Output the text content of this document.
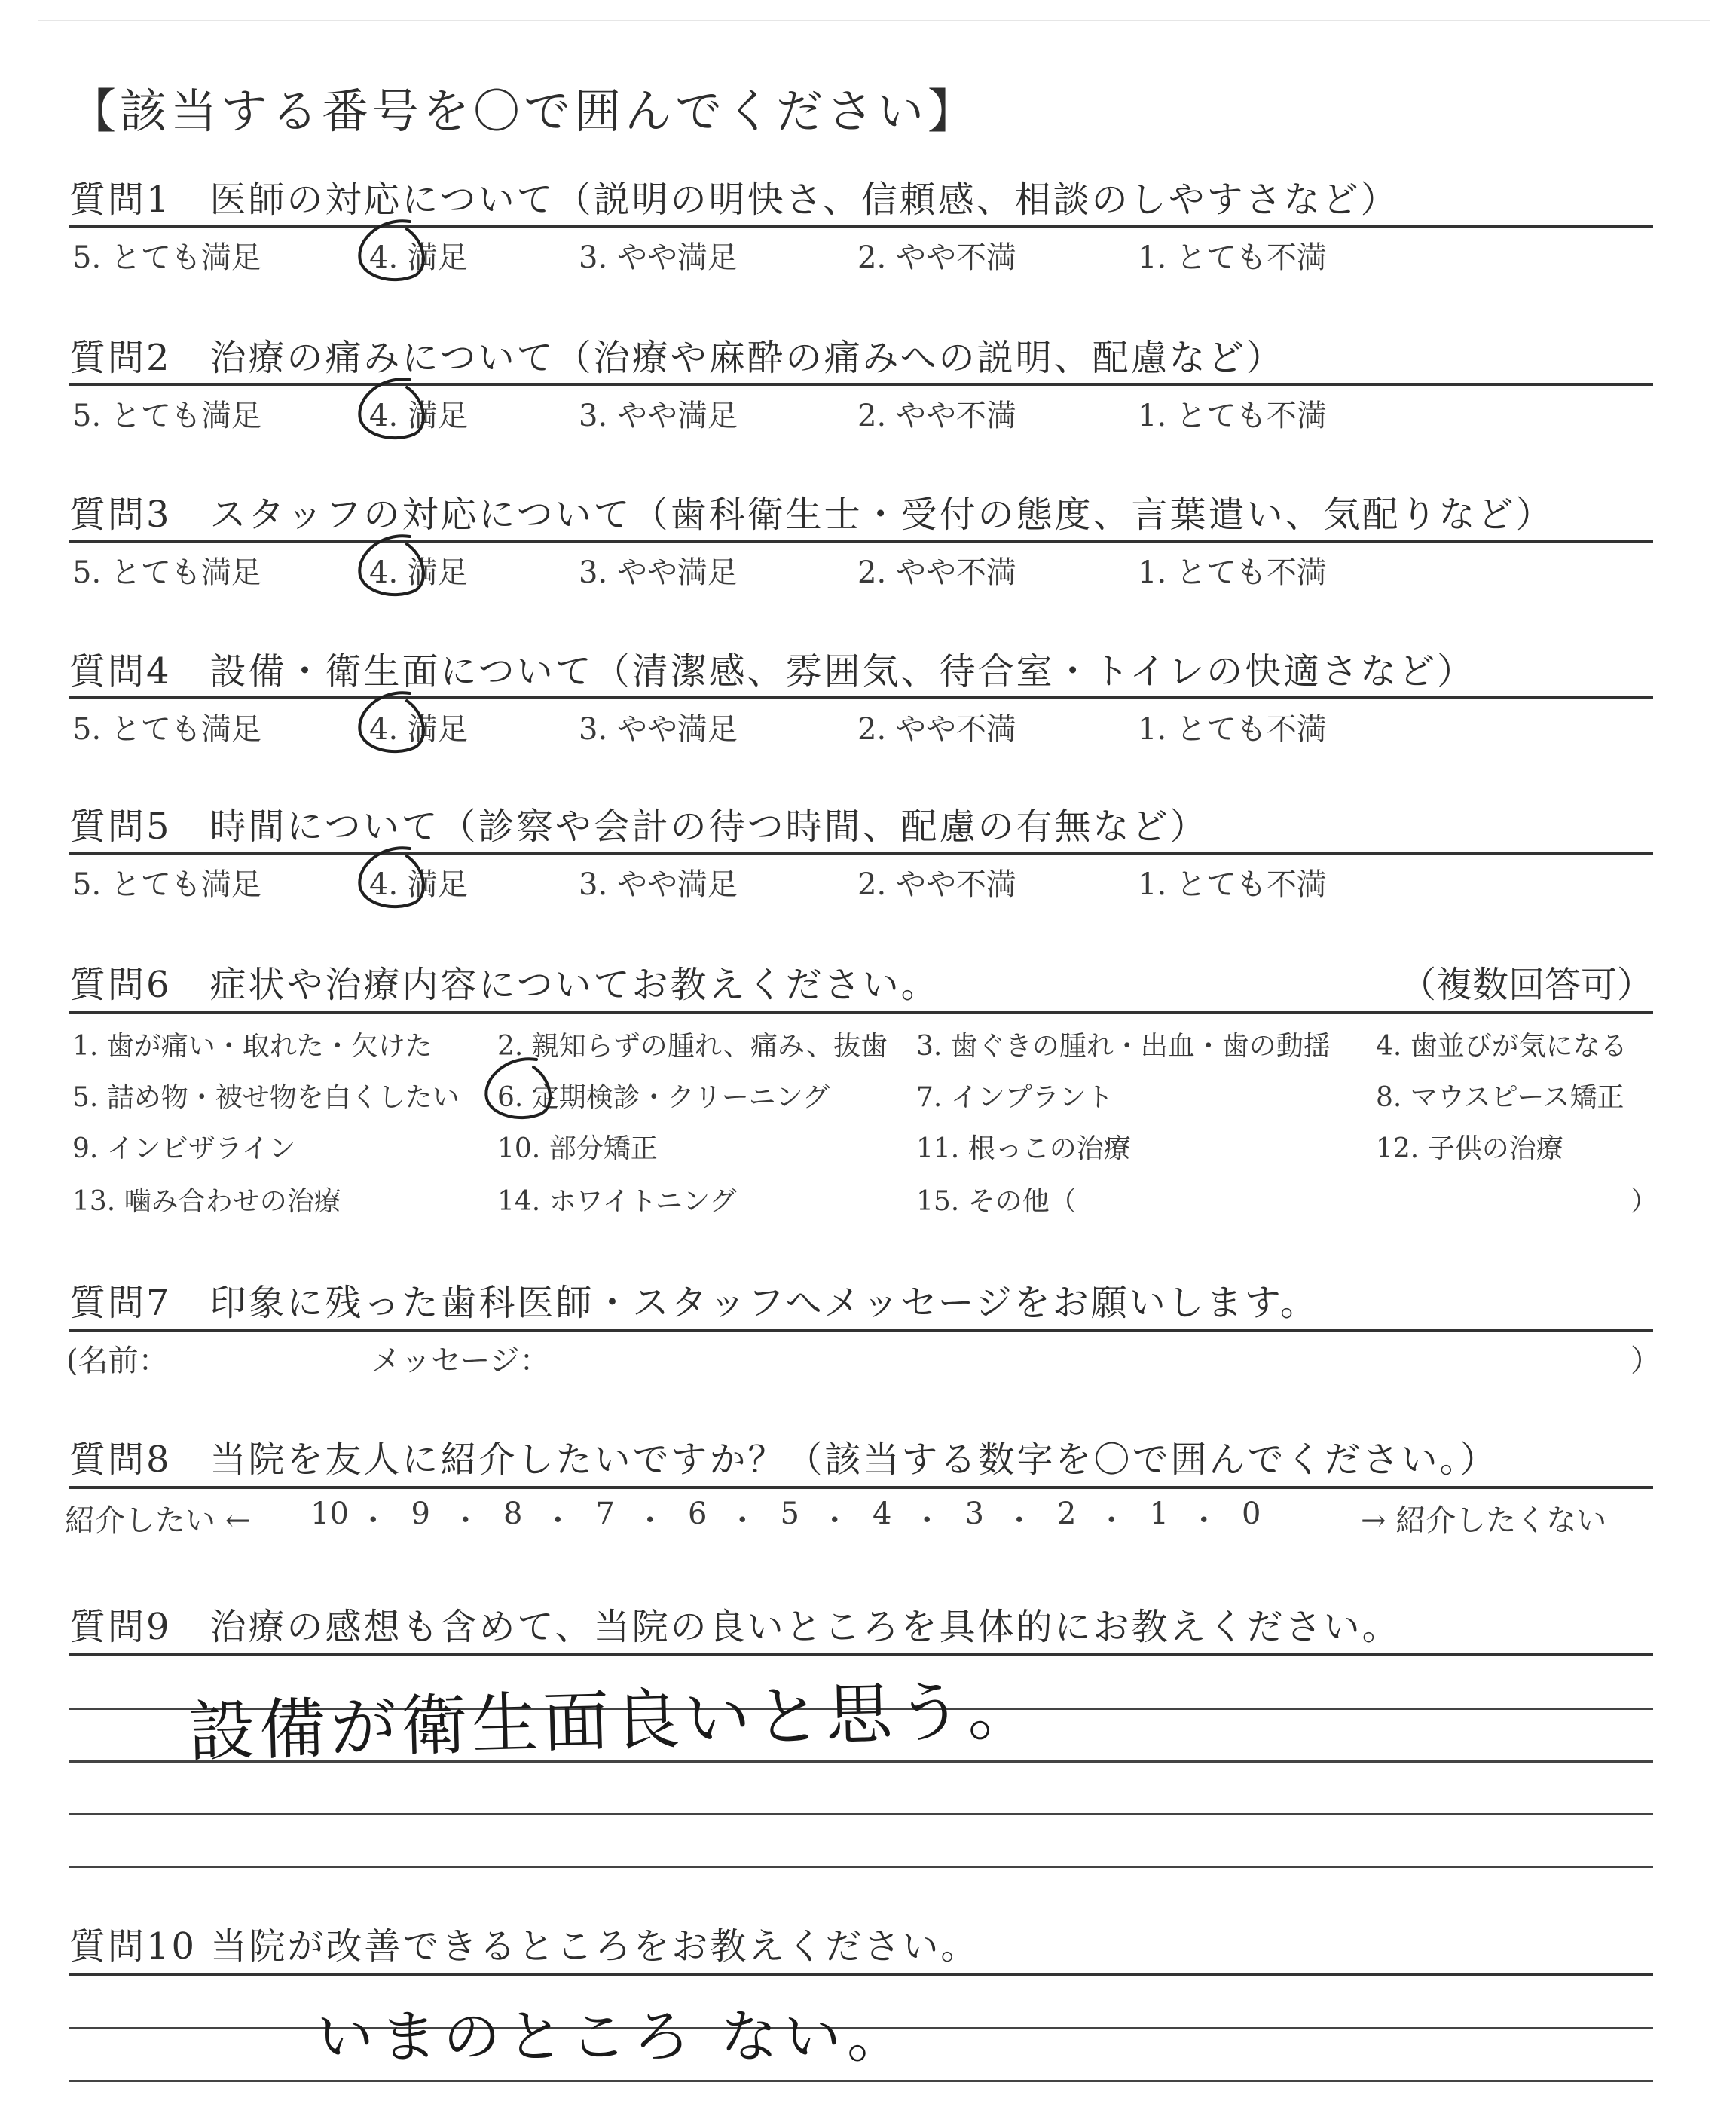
【該当する番号を〇で囲んでください】
質問1　医師の対応について（説明の明快さ、信頼感、相談のしやすさなど）
5. とても満足	4. 満足	3. やや満足	2. やや不満	1. とても不満
質問2　治療の痛みについて（治療や麻酔の痛みへの説明、配慮など）
5. とても満足	4. 満足	3. やや満足	2. やや不満	1. とても不満
質問3　スタッフの対応について（歯科衛生士・受付の態度、言葉遣い、気配りなど）
5. とても満足	4. 満足	3. やや満足	2. やや不満	1. とても不満
質問4　設備・衛生面について（清潔感、雰囲気、待合室・トイレの快適さなど）
5. とても満足	4. 満足	3. やや満足	2. やや不満	1. とても不満
質問5　時間について（診察や会計の待つ時間、配慮の有無など）
5. とても満足	4. 満足	3. やや満足	2. やや不満	1. とても不満
質問6　症状や治療内容についてお教えください。	（複数回答可）
1. 歯が痛い・取れた・欠けた 2. 親知らずの腫れ、痛み、抜歯 3. 歯ぐきの腫れ・出血・歯の動揺 4. 歯並びが気になる
5. 詰め物・被せ物を白くしたい 6. 定期検診・クリーニング	7. インプラント	8. マウスピース矯正
9. インビザライン	10. 部分矯正	11. 根っこの治療	12. 子供の治療
13. 噛み合わせの治療	14. ホワイトニング	15. その他（	）
質問7　印象に残った歯科医師・スタッフへメッセージをお願いします。
(名前：	メッセージ：	）
質問8　当院を友人に紹介したいですか？（該当する数字を〇で囲んでください。）
紹介したい ← 10 ・ 9 ・ 8 ・ 7 ・ 6 ・ 5 ・ 4 ・ 3 ・ 2 ・ 1 ・ 0	→ 紹介したくない
質問9　治療の感想も含めて、当院の良いところを具体的にお教えください。
設備が衛生面良いと思う。
質問10 当院が改善できるところをお教えください。
いまのところ ない。
